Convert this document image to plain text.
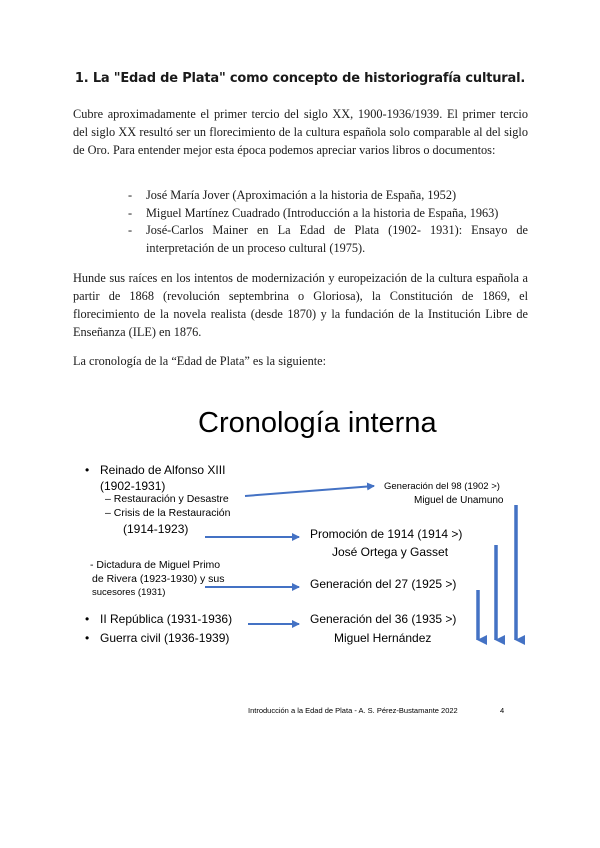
1. La "Edad de Plata" como concepto de historiografía cultural.
Cubre aproximadamente el primer tercio del siglo XX, 1900-1936/1939. El primer tercio del siglo XX resultó ser un florecimiento de la cultura española solo comparable al del siglo de Oro. Para entender mejor esta época podemos apreciar varios libros o documentos:
- José María Jover (Aproximación a la historia de España, 1952)
- Miguel Martínez Cuadrado (Introducción a la historia de España, 1963)
- José-Carlos Mainer en La Edad de Plata (1902- 1931): Ensayo de interpretación de un proceso cultural (1975).
Hunde sus raíces en los intentos de modernización y europeización de la cultura española a partir de 1868 (revolución septembrina o Gloriosa), la Constitución de 1869, el florecimiento de la novela realista (desde 1870) y la fundación de la Institución Libre de Enseñanza (ILE) en 1876.
La cronología de la “Edad de Plata” es la siguiente:
Cronología interna
• Reinado de Alfonso XIII
(1902-1931)
– Restauración y Desastre
– Crisis de la Restauración
(1914-1923)
- Dictadura de Miguel Primo
de Rivera (1923-1930) y sus
sucesores (1931)
• II República (1931-1936)
• Guerra civil (1936-1939)
Generación del 98 (1902 >)
Miguel de Unamuno
Promoción de 1914 (1914 >)
José Ortega y Gasset
Generación del 27 (1925 >)
Generación del 36 (1935 >)
Miguel Hernández
Introducción a la Edad de Plata - A. S. Pérez-Bustamante 2022	4
